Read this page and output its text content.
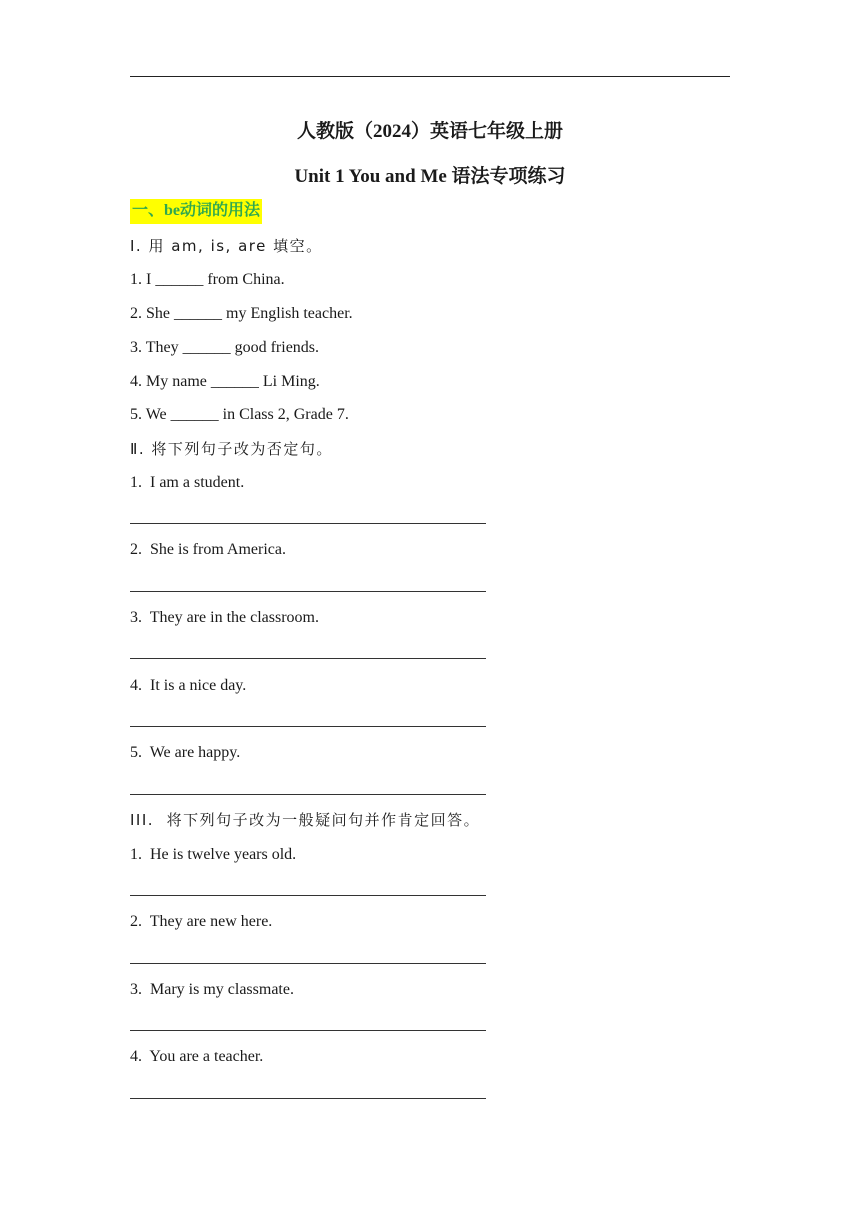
人教版（2024）英语七年级上册
Unit 1 You and Me 语法专项练习
一、be动词的用法
Ⅰ. 用 am, is, are 填空。
1. I ______ from China.
2. She ______ my English teacher.
3. They ______ good friends.
4. My name ______ Li Ming.
5. We ______ in Class 2, Grade 7.
Ⅱ. 将下列句子改为否定句。
1.  I am a student.
2.  She is from America.
3.  They are in the classroom.
4.  It is a nice day.
5.  We are happy.
III.  将下列句子改为一般疑问句并作肯定回答。
1.  He is twelve years old.
2.  They are new here.
3.  Mary is my classmate.
4.  You are a teacher.
